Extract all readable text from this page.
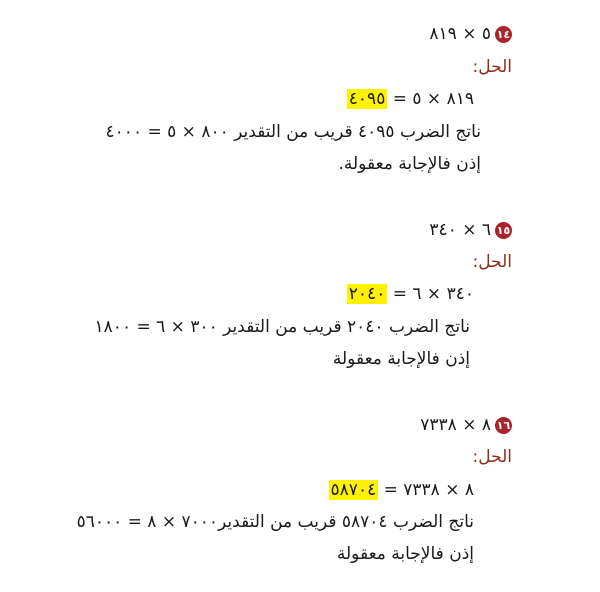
١٤٥ × ٨١٩
الحل:
٨١٩ × ٥ = ٤٠٩٥
ناتج الضرب ٤٠٩٥ قريب من التقدير ٨٠٠ × ٥ = ٤٠٠٠
إذن فالإجابة معقولة.
١٥٦ × ٣٤٠
الحل:
٣٤٠ × ٦ = ٢٠٤٠
ناتج الضرب ٢٠٤٠ قريب من التقدير ٣٠٠ × ٦ = ١٨٠٠
إذن فالإجابة معقولة
١٦٨ × ٧٣٣٨
الحل:
٨ × ٧٣٣٨ = ٥٨٧٠٤
ناتج الضرب ٥٨٧٠٤ قريب من التقدير٧٠٠٠ × ٨ = ٥٦٠٠٠
إذن فالإجابة معقولة
